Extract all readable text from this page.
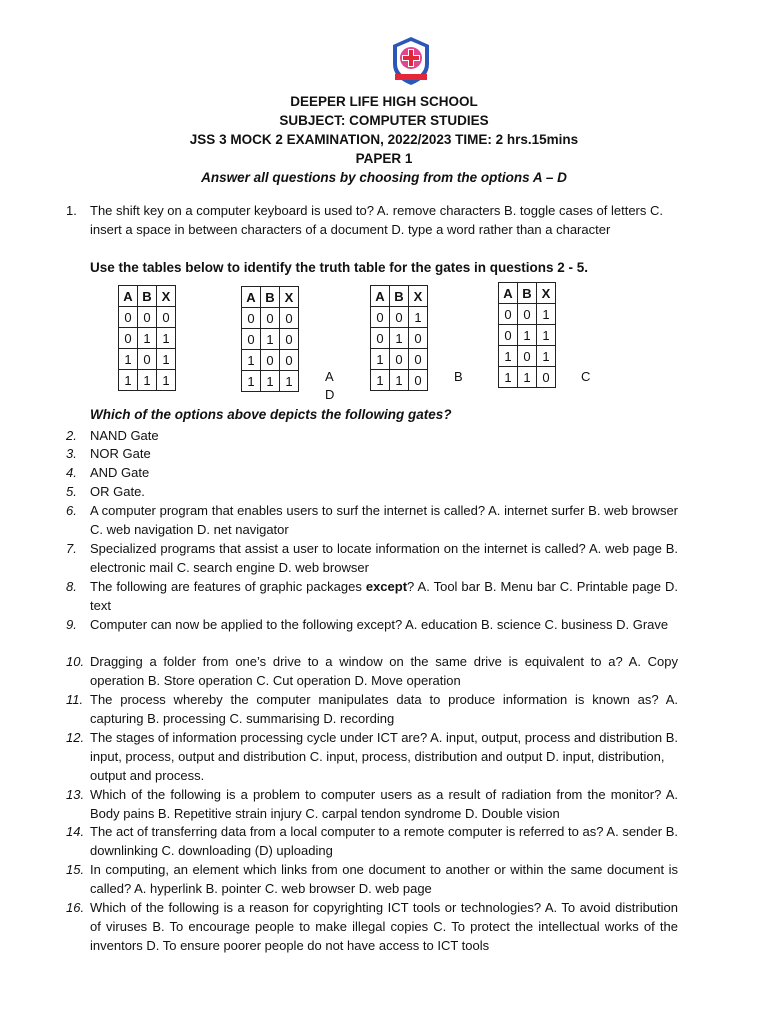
DEEPER LIFE HIGH SCHOOL
SUBJECT: COMPUTER STUDIES
JSS 3 MOCK 2 EXAMINATION, 2022/2023 TIME: 2 hrs.15mins
PAPER 1
Answer all questions by choosing from the options A – D
1.	The shift key on a computer keyboard is used to? A. remove characters B. toggle cases of letters C. insert a space in between characters of a document D. type a word rather than a character
Use the tables below to identify the truth table for the gates in questions 2 - 5.
A	B	X
0	0	0
0	1	1
1	0	1
1	1	1
A	B	X
0	0	0
0	1	0
1	0	0
1	1	1 A
D
A	B	X
0	0	1
0	1	0
1	0	0
1	1	0 B
A	B	X
0	0	1
0	1	1
1	0	1
1	1	0 C
Which of the options above depicts the following gates?
2.	NAND Gate
3.	NOR Gate
4.	AND Gate
5.	OR Gate.
6.	A computer program that enables users to surf the internet is called? A. internet surfer B. web browser C. web navigation D. net navigator
7.	Specialized programs that assist a user to locate information on the internet is called? A. web page B. electronic mail C. search engine D. web browser
8.	The following are features of graphic packages except? A. Tool bar B. Menu bar C. Printable page D. text
9.	Computer can now be applied to the following except? A. education B. science C. business D. Grave
10. Dragging a folder from one’s drive to a window on the same drive is equivalent to a? A. Copy operation B. Store operation C. Cut operation D. Move operation
11. The process whereby the computer manipulates data to produce information is known as? A. capturing B. processing C. summarising D. recording
12. The stages of information processing cycle under ICT are? A. input, output, process and distribution B. input, process, output and distribution C. input, process, distribution and output D. input, distribution, output and process.
13. Which of the following is a problem to computer users as a result of radiation from the monitor? A. Body pains B. Repetitive strain injury C. carpal tendon syndrome D. Double vision
14. The act of transferring data from a local computer to a remote computer is referred to as? A. sender B. downlinking C. downloading (D) uploading
15. In computing, an element which links from one document to another or within the same document is called? A. hyperlink B. pointer C. web browser D. web page
16. Which of the following is a reason for copyrighting ICT tools or technologies? A. To avoid distribution of viruses B. To encourage people to make illegal copies C. To protect the intellectual works of the inventors D. To ensure poorer people do not have access to ICT tools
